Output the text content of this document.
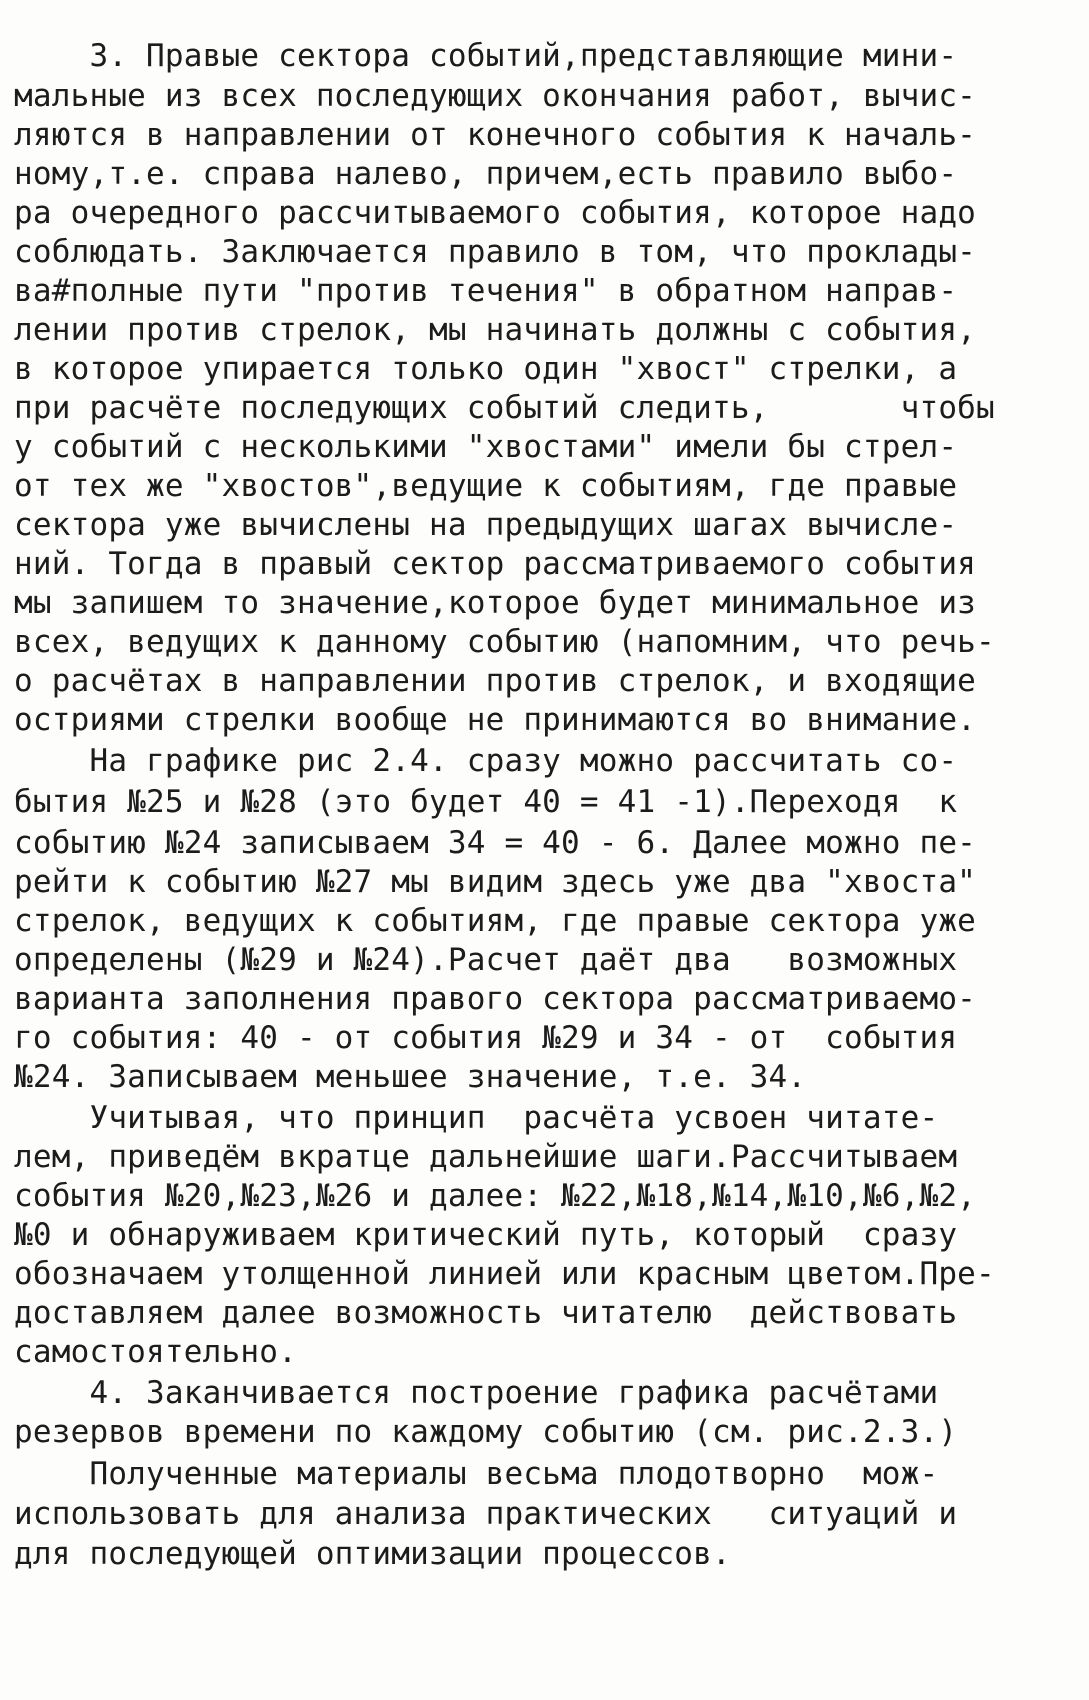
3. Правые сектора событий,представляющие мини-

мальные из всех последующих окончания работ, вычис-

ляются в направлении от конечного события к началь-

ному,т.е. справа налево, причем,есть правило выбо-

ра очередного рассчитываемого события, которое надо

соблюдать. Заключается правило в том, что проклады-

ва#полные пути "против течения" в обратном направ-

лении против стрелок, мы начинать должны с события,

в которое упирается только один "хвост" стрелки, а

при расчёте последующих событий следить,       чтобы

у событий с несколькими "хвостами" имели бы стрел-

от тех же "хвостов",ведущие к событиям, где правые

сектора уже вычислены на предыдущих шагах вычисле-

ний. Тогда в правый сектор рассматриваемого события

мы запишем то значение,которое будет минимальное из

всех, ведущих к данному событию (напомним, что речь-

о расчётах в направлении против стрелок, и входящие

остриями стрелки вообще не принимаются во внимание.

На графике рис 2.4. сразу можно рассчитать со-

бытия №25 и №28 (это будет 40 = 41 -1).Переходя  к

событию №24 записываем 34 = 40 - 6. Далее можно пе-

рейти к событию №27 мы видим здесь уже два "хвоста"

стрелок, ведущих к событиям, где правые сектора уже

определены (№29 и №24).Расчет даёт два   возможных

варианта заполнения правого сектора рассматриваемо-

го события: 40 - от события №29 и 34 - от  события

№24. Записываем меньшее значение, т.е. 34.

Учитывая, что принцип  расчёта усвоен читате-

лем, приведём вкратце дальнейшие шаги.Рассчитываем

события №20,№23,№26 и далее: №22,№18,№14,№10,№6,№2,

№0 и обнаруживаем критический путь, который  сразу

обозначаем утолщенной линией или красным цветом.Пре-

доставляем далее возможность читателю  действовать

самостоятельно.

4. Заканчивается построение графика расчётами

резервов времени по каждому событию (см. рис.2.3.)

Полученные материалы весьма плодотворно  мож-

использовать для анализа практических   ситуаций и

для последующей оптимизации процессов.
